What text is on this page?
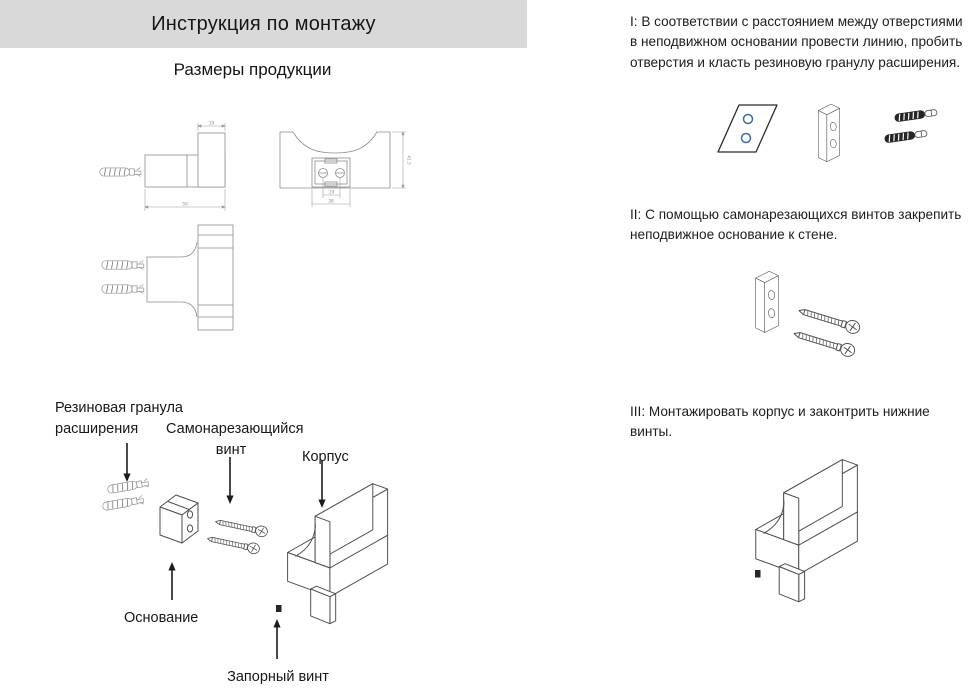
Инструкция по монтажу
Размеры продукции
19
50
41.5
19
38
Резиновая гранула
расширения	Самонарезающийся
винт	Корпус
Основание
Запорный винт

I: В соответствии с расстоянием между отверстиями в неподвижном основании провести линию, пробить отверстия и класть резиновую гранулу расширения.

II: С помощью самонарезающихся винтов закрепить неподвижное основание к стене.

III: Монтажировать корпус и законтрить нижние винты.
